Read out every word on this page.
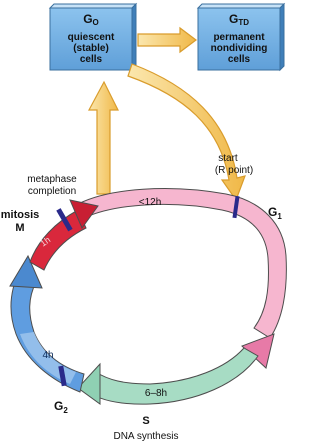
GO
quiescent
(stable)
cells
GTD
permanent
nondividing
cells
<12h
1h
4h
6–8h
start
(R point)
$G_1$
metaphase
completion
mitosis
M
$G_2$
S
DNA synthesis
